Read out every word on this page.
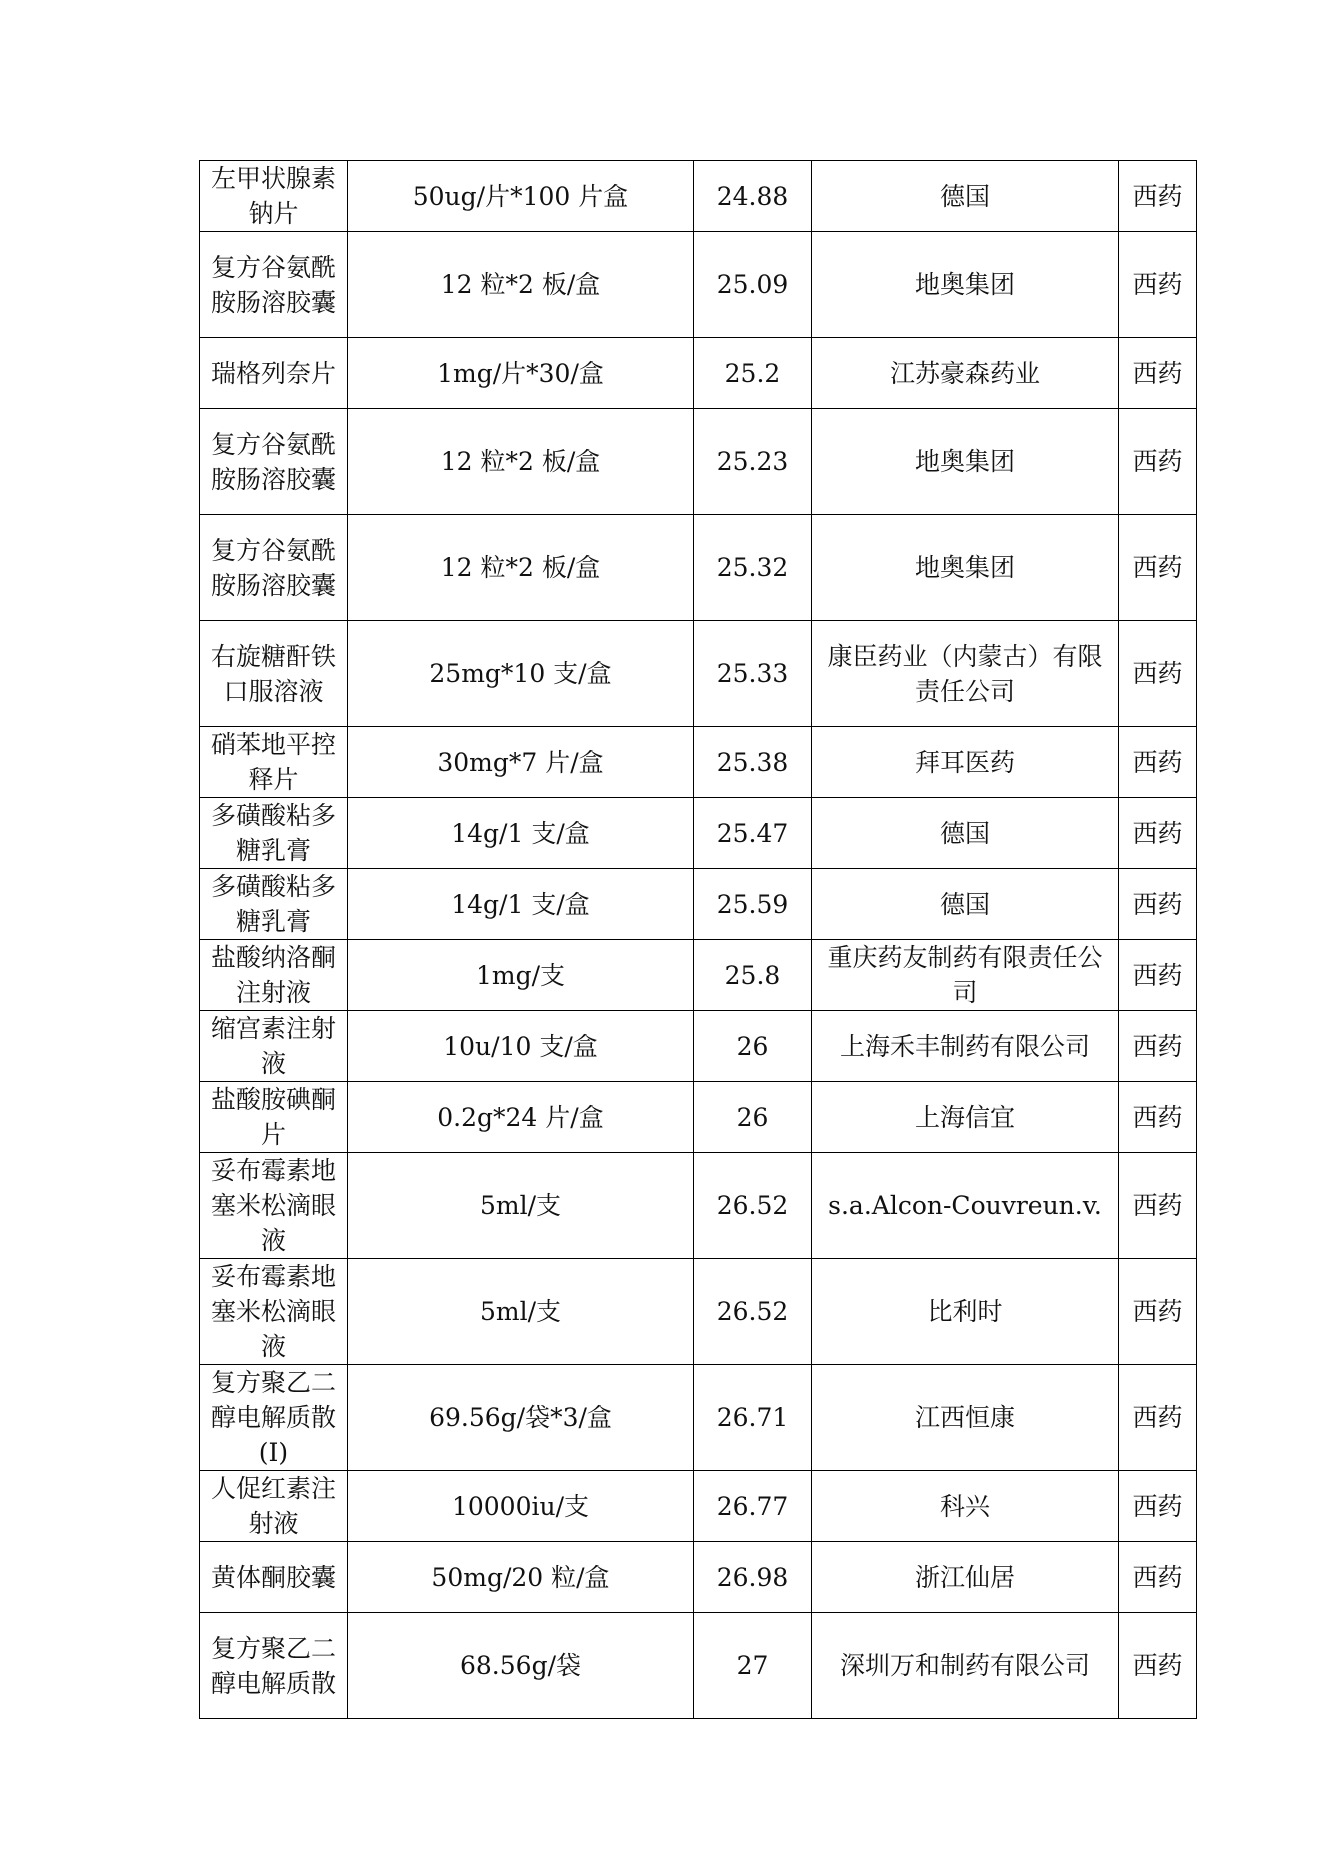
左甲状腺素钠片	50ug/片*100 片盒	24.88	德国	西药
复方谷氨酰胺肠溶胶囊	12 粒*2 板/盒	25.09	地奥集团	西药
瑞格列奈片	1mg/片*30/盒	25.2	江苏豪森药业	西药
复方谷氨酰胺肠溶胶囊	12 粒*2 板/盒	25.23	地奥集团	西药
复方谷氨酰胺肠溶胶囊	12 粒*2 板/盒	25.32	地奥集团	西药
右旋糖酐铁口服溶液	25mg*10 支/盒	25.33	康臣药业（内蒙古）有限责任公司	西药
硝苯地平控释片	30mg*7 片/盒	25.38	拜耳医药	西药
多磺酸粘多糖乳膏	14g/1 支/盒	25.47	德国	西药
多磺酸粘多糖乳膏	14g/1 支/盒	25.59	德国	西药
盐酸纳洛酮注射液	1mg/支	25.8	重庆药友制药有限责任公司	西药
缩宫素注射液	10u/10 支/盒	26	上海禾丰制药有限公司	西药
盐酸胺碘酮片	0.2g*24 片/盒	26	上海信宜	西药
妥布霉素地塞米松滴眼液	5ml/支	26.52	s.a.Alcon-Couvreun.v.	西药
妥布霉素地塞米松滴眼液	5ml/支	26.52	比利时	西药
复方聚乙二醇电解质散(I)	69.56g/袋*3/盒	26.71	江西恒康	西药
人促红素注射液	10000iu/支	26.77	科兴	西药
黄体酮胶囊	50mg/20 粒/盒	26.98	浙江仙居	西药
复方聚乙二醇电解质散	68.56g/袋	27	深圳万和制药有限公司	西药
